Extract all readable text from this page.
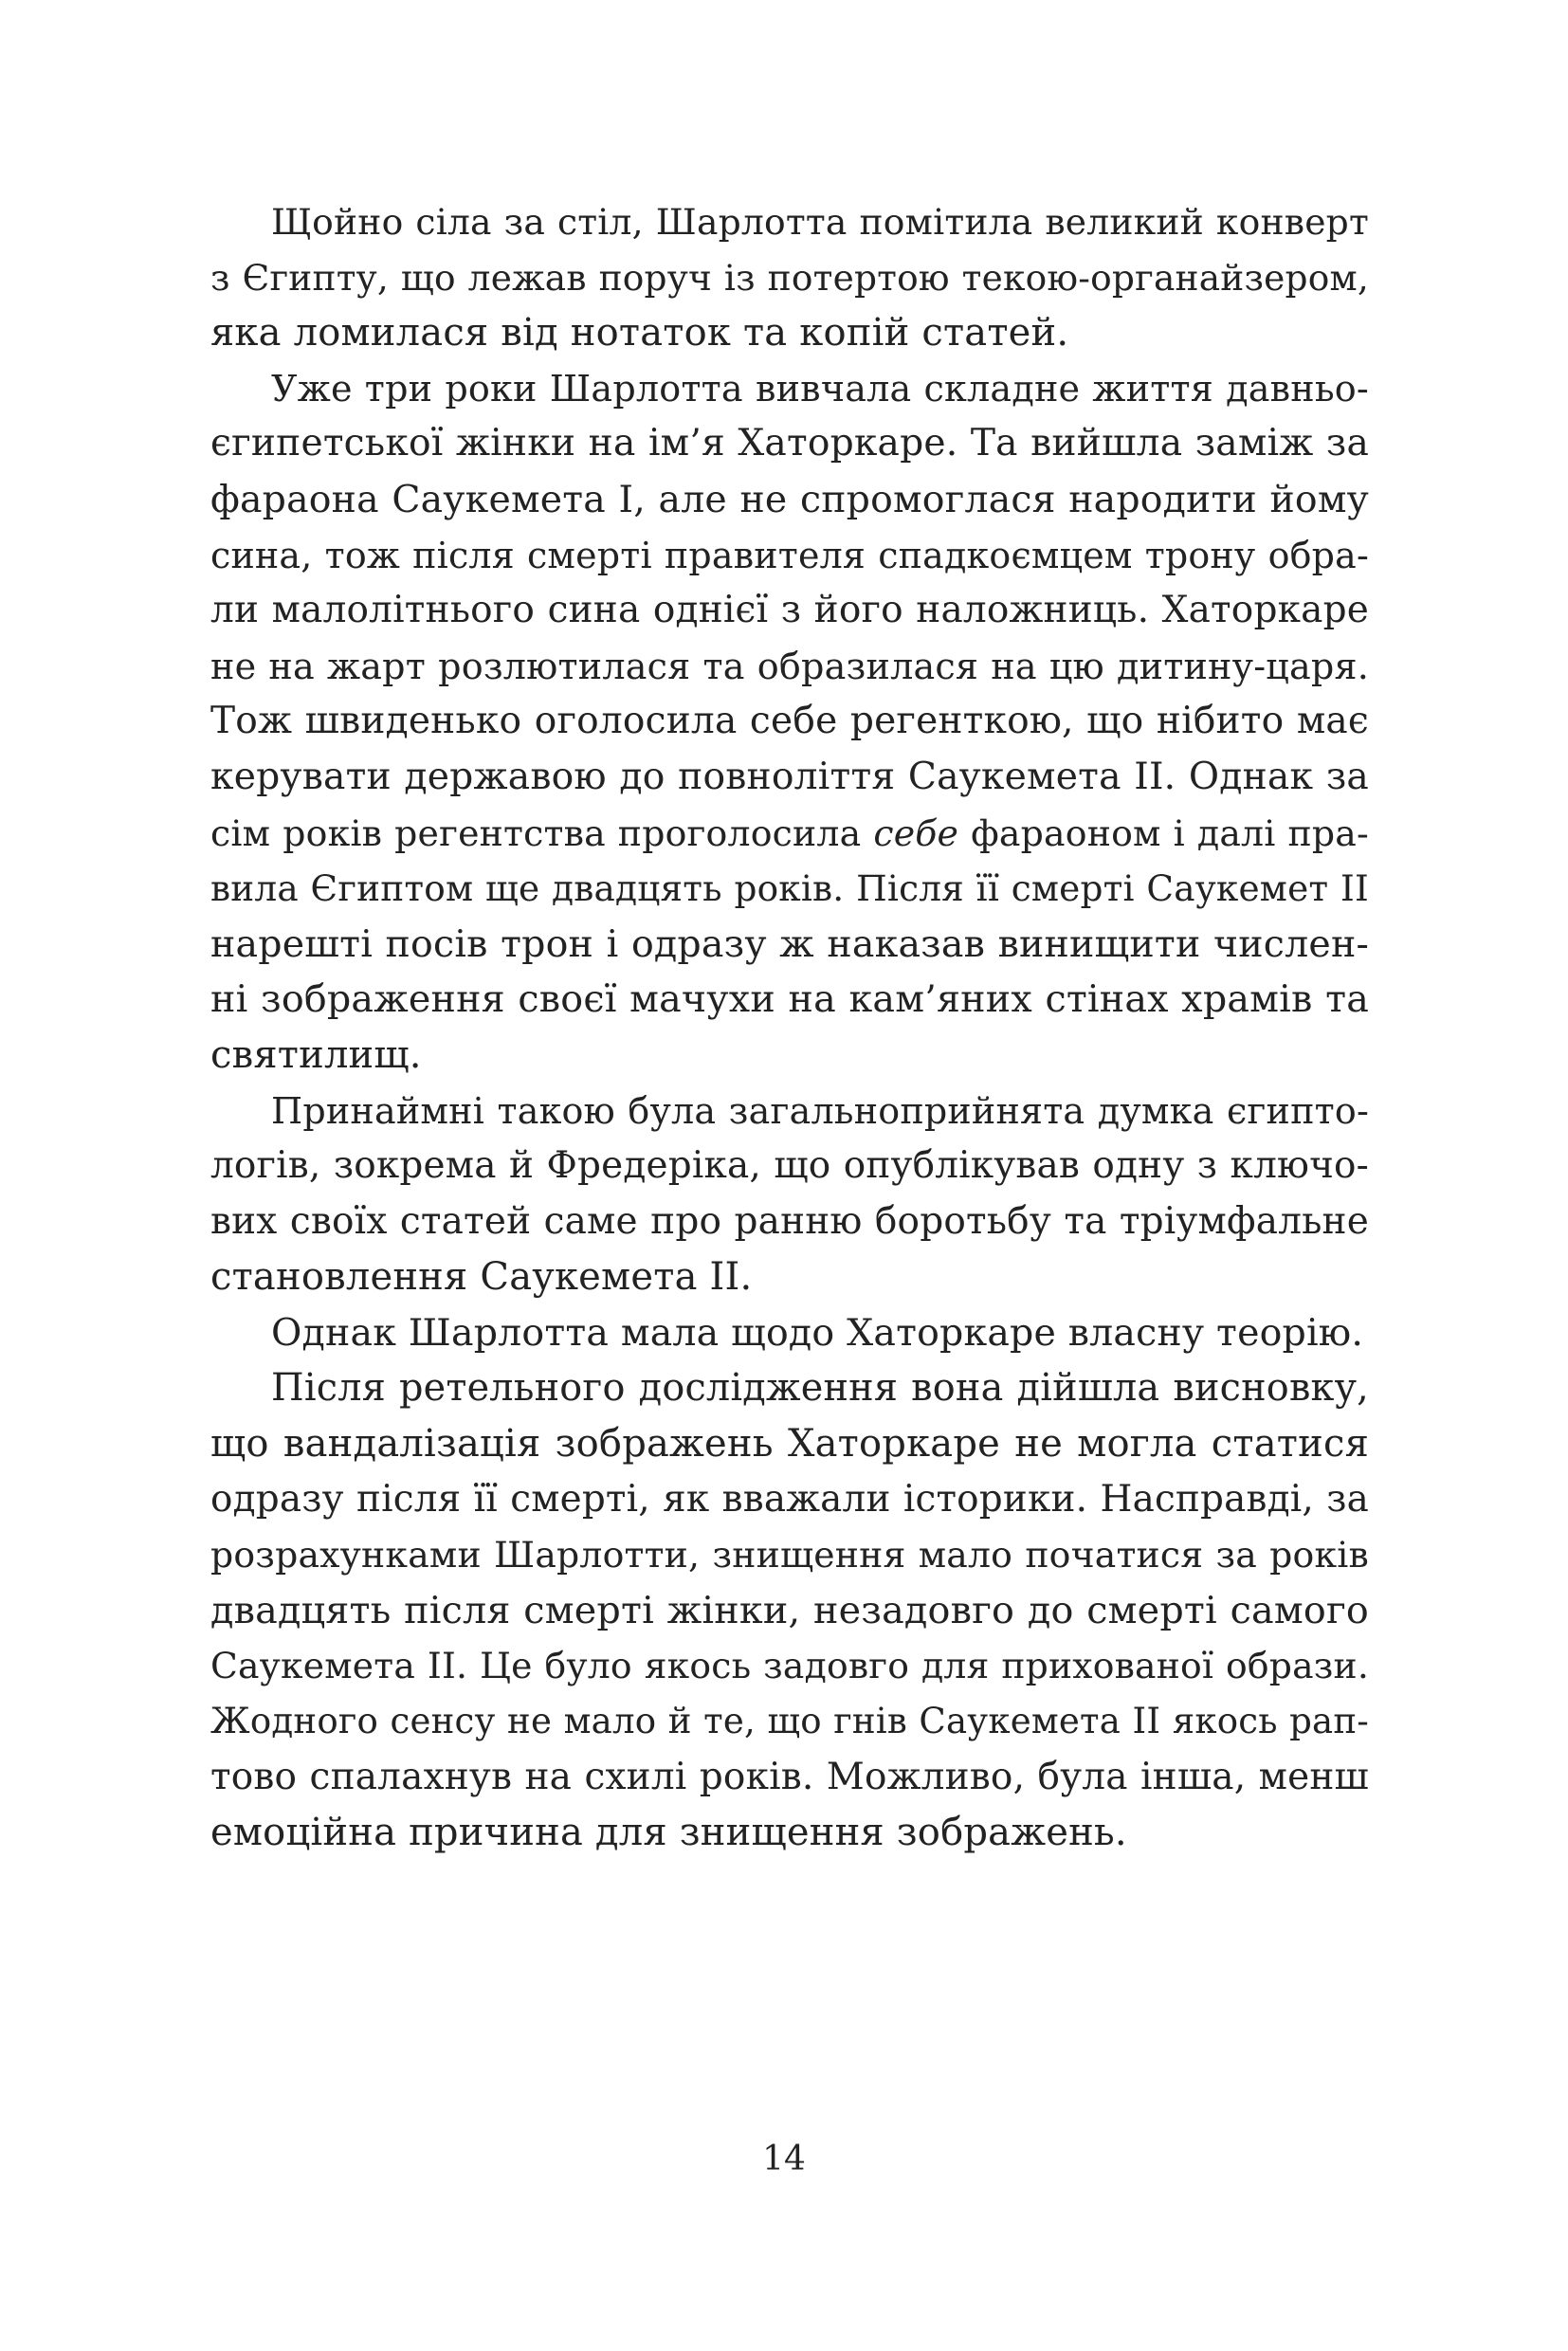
Щойно сіла за стіл, Шарлотта помітила великий конверт
з Єгипту, що лежав поруч із потертою текою-органайзером,
яка ломилася від нотаток та копій статей.
Уже три роки Шарлотта вивчала складне життя давньо-
єгипетської жінки на ім’я Хаторкаре. Та вийшла заміж за
фараона Саукемета I, але не спромоглася народити йому
сина, тож після смерті правителя спадкоємцем трону обра-
ли малолітнього сина однієї з його наложниць. Хаторкаре
не на жарт розлютилася та образилася на цю дитину-царя.
Тож швиденько оголосила себе регенткою, що нібито має
керувати державою до повноліття Саукемета II. Однак за
сім років регентства проголосила себе фараоном і далі пра-
вила Єгиптом ще двадцять років. Після її смерті Саукемет II
нарешті посів трон і одразу ж наказав винищити числен-
ні зображення своєї мачухи на кам’яних стінах храмів та
святилищ.
Принаймні такою була загальноприйнята думка єгипто-
логів, зокрема й Фредеріка, що опублікував одну з ключо-
вих своїх статей саме про ранню боротьбу та тріумфальне
становлення Саукемета II.
Однак Шарлотта мала щодо Хаторкаре власну теорію.
Після ретельного дослідження вона дійшла висновку,
що вандалізація зображень Хаторкаре не могла статися
одразу після її смерті, як вважали історики. Насправді, за
розрахунками Шарлотти, знищення мало початися за років
двадцять після смерті жінки, незадовго до смерті самого
Саукемета II. Це було якось задовго для прихованої образи.
Жодного сенсу не мало й те, що гнів Саукемета II якось рап-
тово спалахнув на схилі років. Можливо, була інша, менш
емоційна причина для знищення зображень.
14
